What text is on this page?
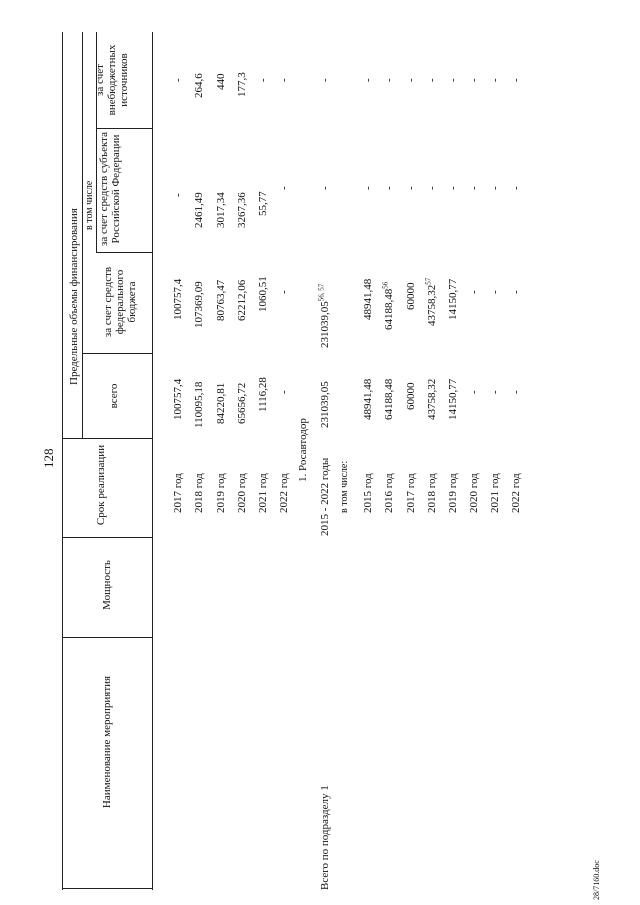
128
28/7160.doc
Наименование мероприятия
Мощность
Срок реализации
Предельные объемы финансирования
всего
в том числе
за счет средств федерального бюджета
за счет средств субъекта Российской Федерации
за счет внебюджетных источников
2017 год
100757,4
100757,4
-
-
2018 год
110095,18
107369,09
2461,49
264,6
2019 год
84220,81
80763,47
3017,34
440
2020 год
65656,72
62212,06
3267,36
177,3
2021 год
1116,28
1060,51
55,77
-
2022 год
-
-
-
-
1. Росавтодор
Всего по подразделу 1
2015 - 2022 годы
231039,05
231039,05$^{56, 57}$
-
-
в том числе: 2015 год
48941,48
48941,48
-
-
2016 год
64188,48
64188,48$^{56}$
-
-
2017 год
60000
60000
-
-
2018 год
43758,32
43758,32$^{57}$
-
-
2019 год
14150,77
14150,77
-
-
2020 год
-
-
-
-
2021 год
-
-
-
-
2022 год
-
-
-
-
